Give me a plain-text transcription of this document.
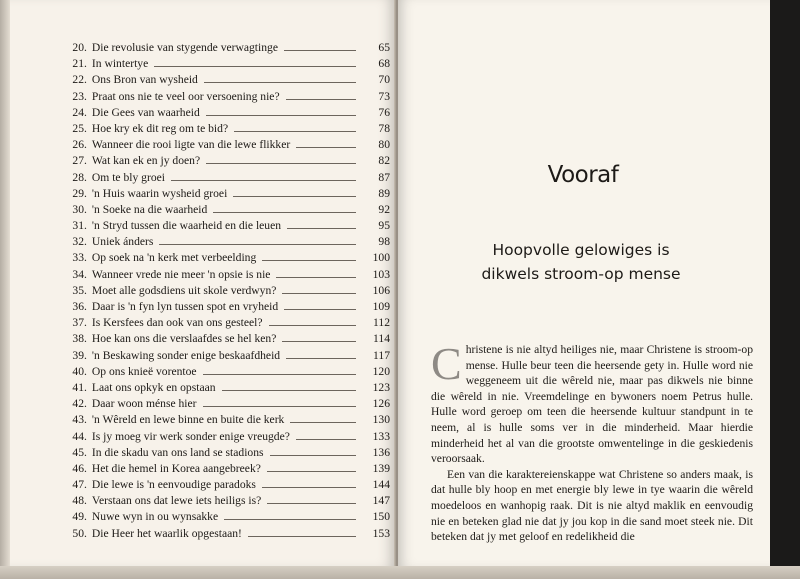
20 . Die revolusie van stygende verwagtinge	65
21 . In wintertye	68
22 . Ons Bron van wysheid	70
23 . Praat ons nie te veel oor versoening nie?	73
24 . Die Gees van waarheid	76
25 . Hoe kry ek dit reg om te bid?	78
26 . Wanneer die rooi ligte van die lewe flikker	80
27 . Wat kan ek en jy doen?	82
28 . Om te bly groei	87
29 . 'n Huis waarin wysheid groei	89
30 . 'n Soeke na die waarheid	92
31 . 'n Stryd tussen die waarheid en die leuen	95
32 . Uniek ánders	98
33 . Op soek na 'n kerk met verbeelding	100
34 . Wanneer vrede nie meer 'n opsie is nie	103
35 . Moet alle godsdiens uit skole verdwyn?	106
36 . Daar is 'n fyn lyn tussen spot en vryheid	109
37 . Is Kersfees dan ook van ons gesteel?	112
38 . Hoe kan ons die verslaafdes se hel ken?	114
39 . 'n Beskawing sonder enige beskaafdheid	117
40 . Op ons knieë vorentoe	120
41 . Laat ons opkyk en opstaan	123
42 . Daar woon ménse hier	126
43 . 'n Wêreld en lewe binne en buite die kerk	130
44 . Is jy moeg vir werk sonder enige vreugde?	133
45 . In die skadu van ons land se stadions	136
46 . Het die hemel in Korea aangebreek?	139
47 . Die lewe is 'n eenvoudige paradoks	144
48 . Verstaan ons dat lewe iets heiligs is?	147
49 . Nuwe wyn in ou wynsakke	150
50 . Die Heer het waarlik opgestaan!	153
Vooraf
Hoopvolle gelowiges is
dikwels stroom-op mense

Christene is nie altyd heiliges nie, maar Christene is stroom-op mense. Hulle beur teen die heersende gety in. Hulle word nie weggeneem uit die wêreld nie, maar pas dikwels nie binne die wêreld in nie. Vreemdelinge en bywoners noem Petrus hulle. Hulle word geroep om teen die heersende kultuur standpunt in te neem, al is hulle soms ver in die minderheid. Maar hierdie minderheid het al van die grootste omwentelinge in die geskiedenis veroorsaak.

Een van die karaktereienskappe wat Christene so anders maak, is dat hulle bly hoop en met energie bly lewe in tye waarin die wêreld moedeloos en wanhopig raak. Dit is nie altyd maklik en eenvoudig nie en beteken glad nie dat jy jou kop in die sand moet steek nie. Dit beteken dat jy met geloof en redelikheid die
